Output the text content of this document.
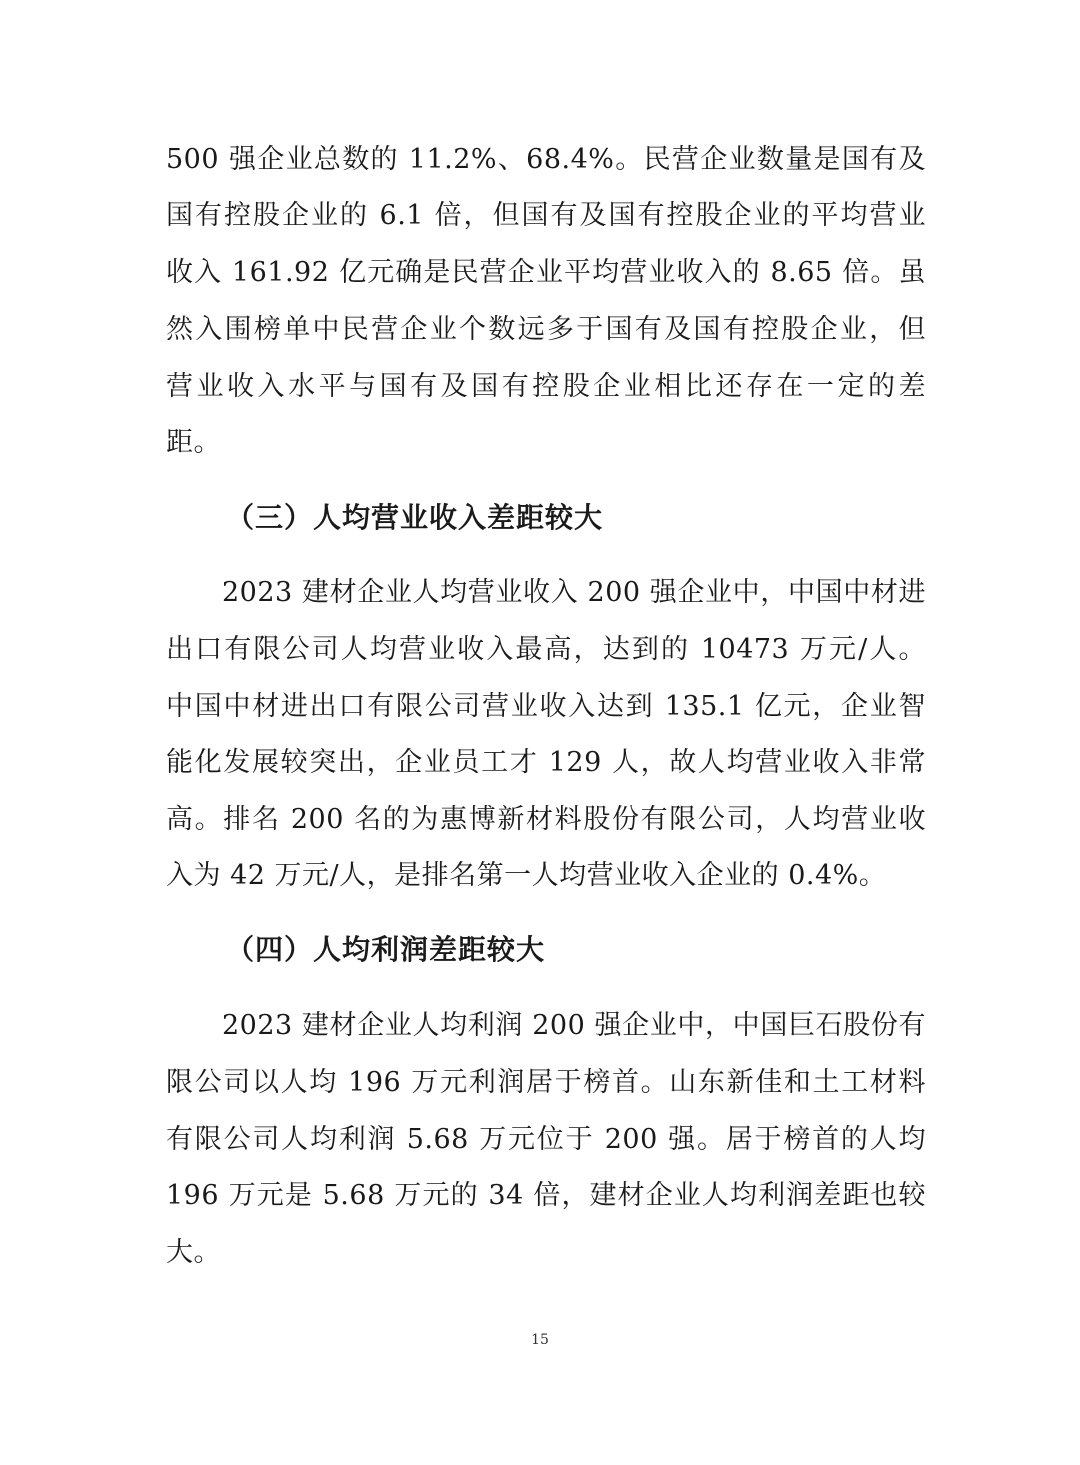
500 强企业总数的 11.2%、68.4%。民营企业数量是国有及
国有控股企业的 6.1 倍，但国有及国有控股企业的平均营业
收入 161.92 亿元确是民营企业平均营业收入的 8.65 倍。虽
然入围榜单中民营企业个数远多于国有及国有控股企业，但
营业收入水平与国有及国有控股企业相比还存在一定的差
距。
（三）人均营业收入差距较大
2023 建材企业人均营业收入 200 强企业中，中国中材进
出口有限公司人均营业收入最高，达到的 10473 万元/人。
中国中材进出口有限公司营业收入达到 135.1 亿元，企业智
能化发展较突出，企业员工才 129 人，故人均营业收入非常
高。排名 200 名的为惠博新材料股份有限公司，人均营业收
入为 42 万元/人，是排名第一人均营业收入企业的 0.4%。
（四）人均利润差距较大
2023 建材企业人均利润 200 强企业中，中国巨石股份有
限公司以人均 196 万元利润居于榜首。山东新佳和土工材料
有限公司人均利润 5.68 万元位于 200 强。居于榜首的人均
196 万元是 5.68 万元的 34 倍，建材企业人均利润差距也较
大。
15
